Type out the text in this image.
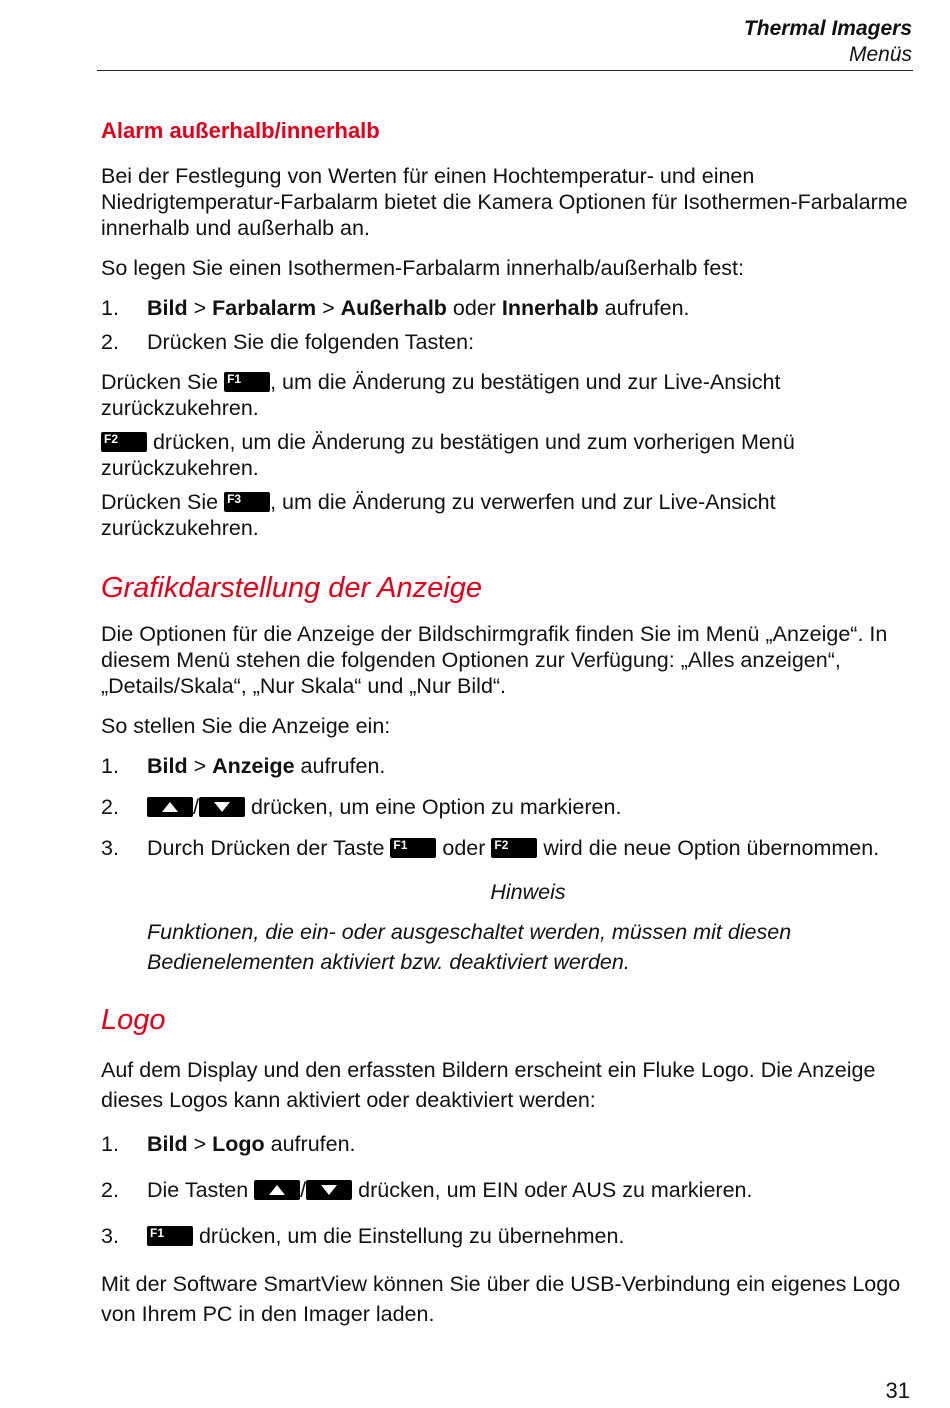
Thermal Imagers
Menüs
Alarm außerhalb/innerhalb

Bei der Festlegung von Werten für einen Hochtemperatur- und einen Niedrigtemperatur-Farbalarm bietet die Kamera Optionen für Isothermen-Farbalarme innerhalb und außerhalb an.

So legen Sie einen Isothermen-Farbalarm innerhalb/außerhalb fest:

1.	Bild > Farbalarm > Außerhalb oder Innerhalb aufrufen.
2.	Drücken Sie die folgenden Tasten:

Drücken Sie F1 , um die Änderung zu bestätigen und zur Live-Ansicht zurückzukehren.

F2 drücken, um die Änderung zu bestätigen und zum vorherigen Menü zurückzukehren.

Drücken Sie F3 , um die Änderung zu verwerfen und zur Live-Ansicht zurückzukehren.

Grafikdarstellung der Anzeige

Die Optionen für die Anzeige der Bildschirmgrafik finden Sie im Menü „Anzeige“. In diesem Menü stehen die folgenden Optionen zur Verfügung: „Alles anzeigen“, „Details/Skala“, „Nur Skala“ und „Nur Bild“.

So stellen Sie die Anzeige ein:

1.	Bild > Anzeige aufrufen.
2.	/
drücken, um eine Option zu markieren.
3.	Durch Drücken der Taste F1 oder F2 wird die neue Option übernommen.
Hinweis
Funktionen, die ein- oder ausgeschaltet werden, müssen mit diesen Bedienelementen aktiviert bzw. deaktiviert werden.
Logo

Auf dem Display und den erfassten Bildern erscheint ein Fluke Logo. Die Anzeige dieses Logos kann aktiviert oder deaktiviert werden:

1.	Bild > Logo aufrufen.
2.	Die Tasten
/
drücken, um EIN oder AUS zu markieren.
3.	F1 drücken, um die Einstellung zu übernehmen.

Mit der Software SmartView können Sie über die USB-Verbindung ein eigenes Logo von Ihrem PC in den Imager laden.

31
